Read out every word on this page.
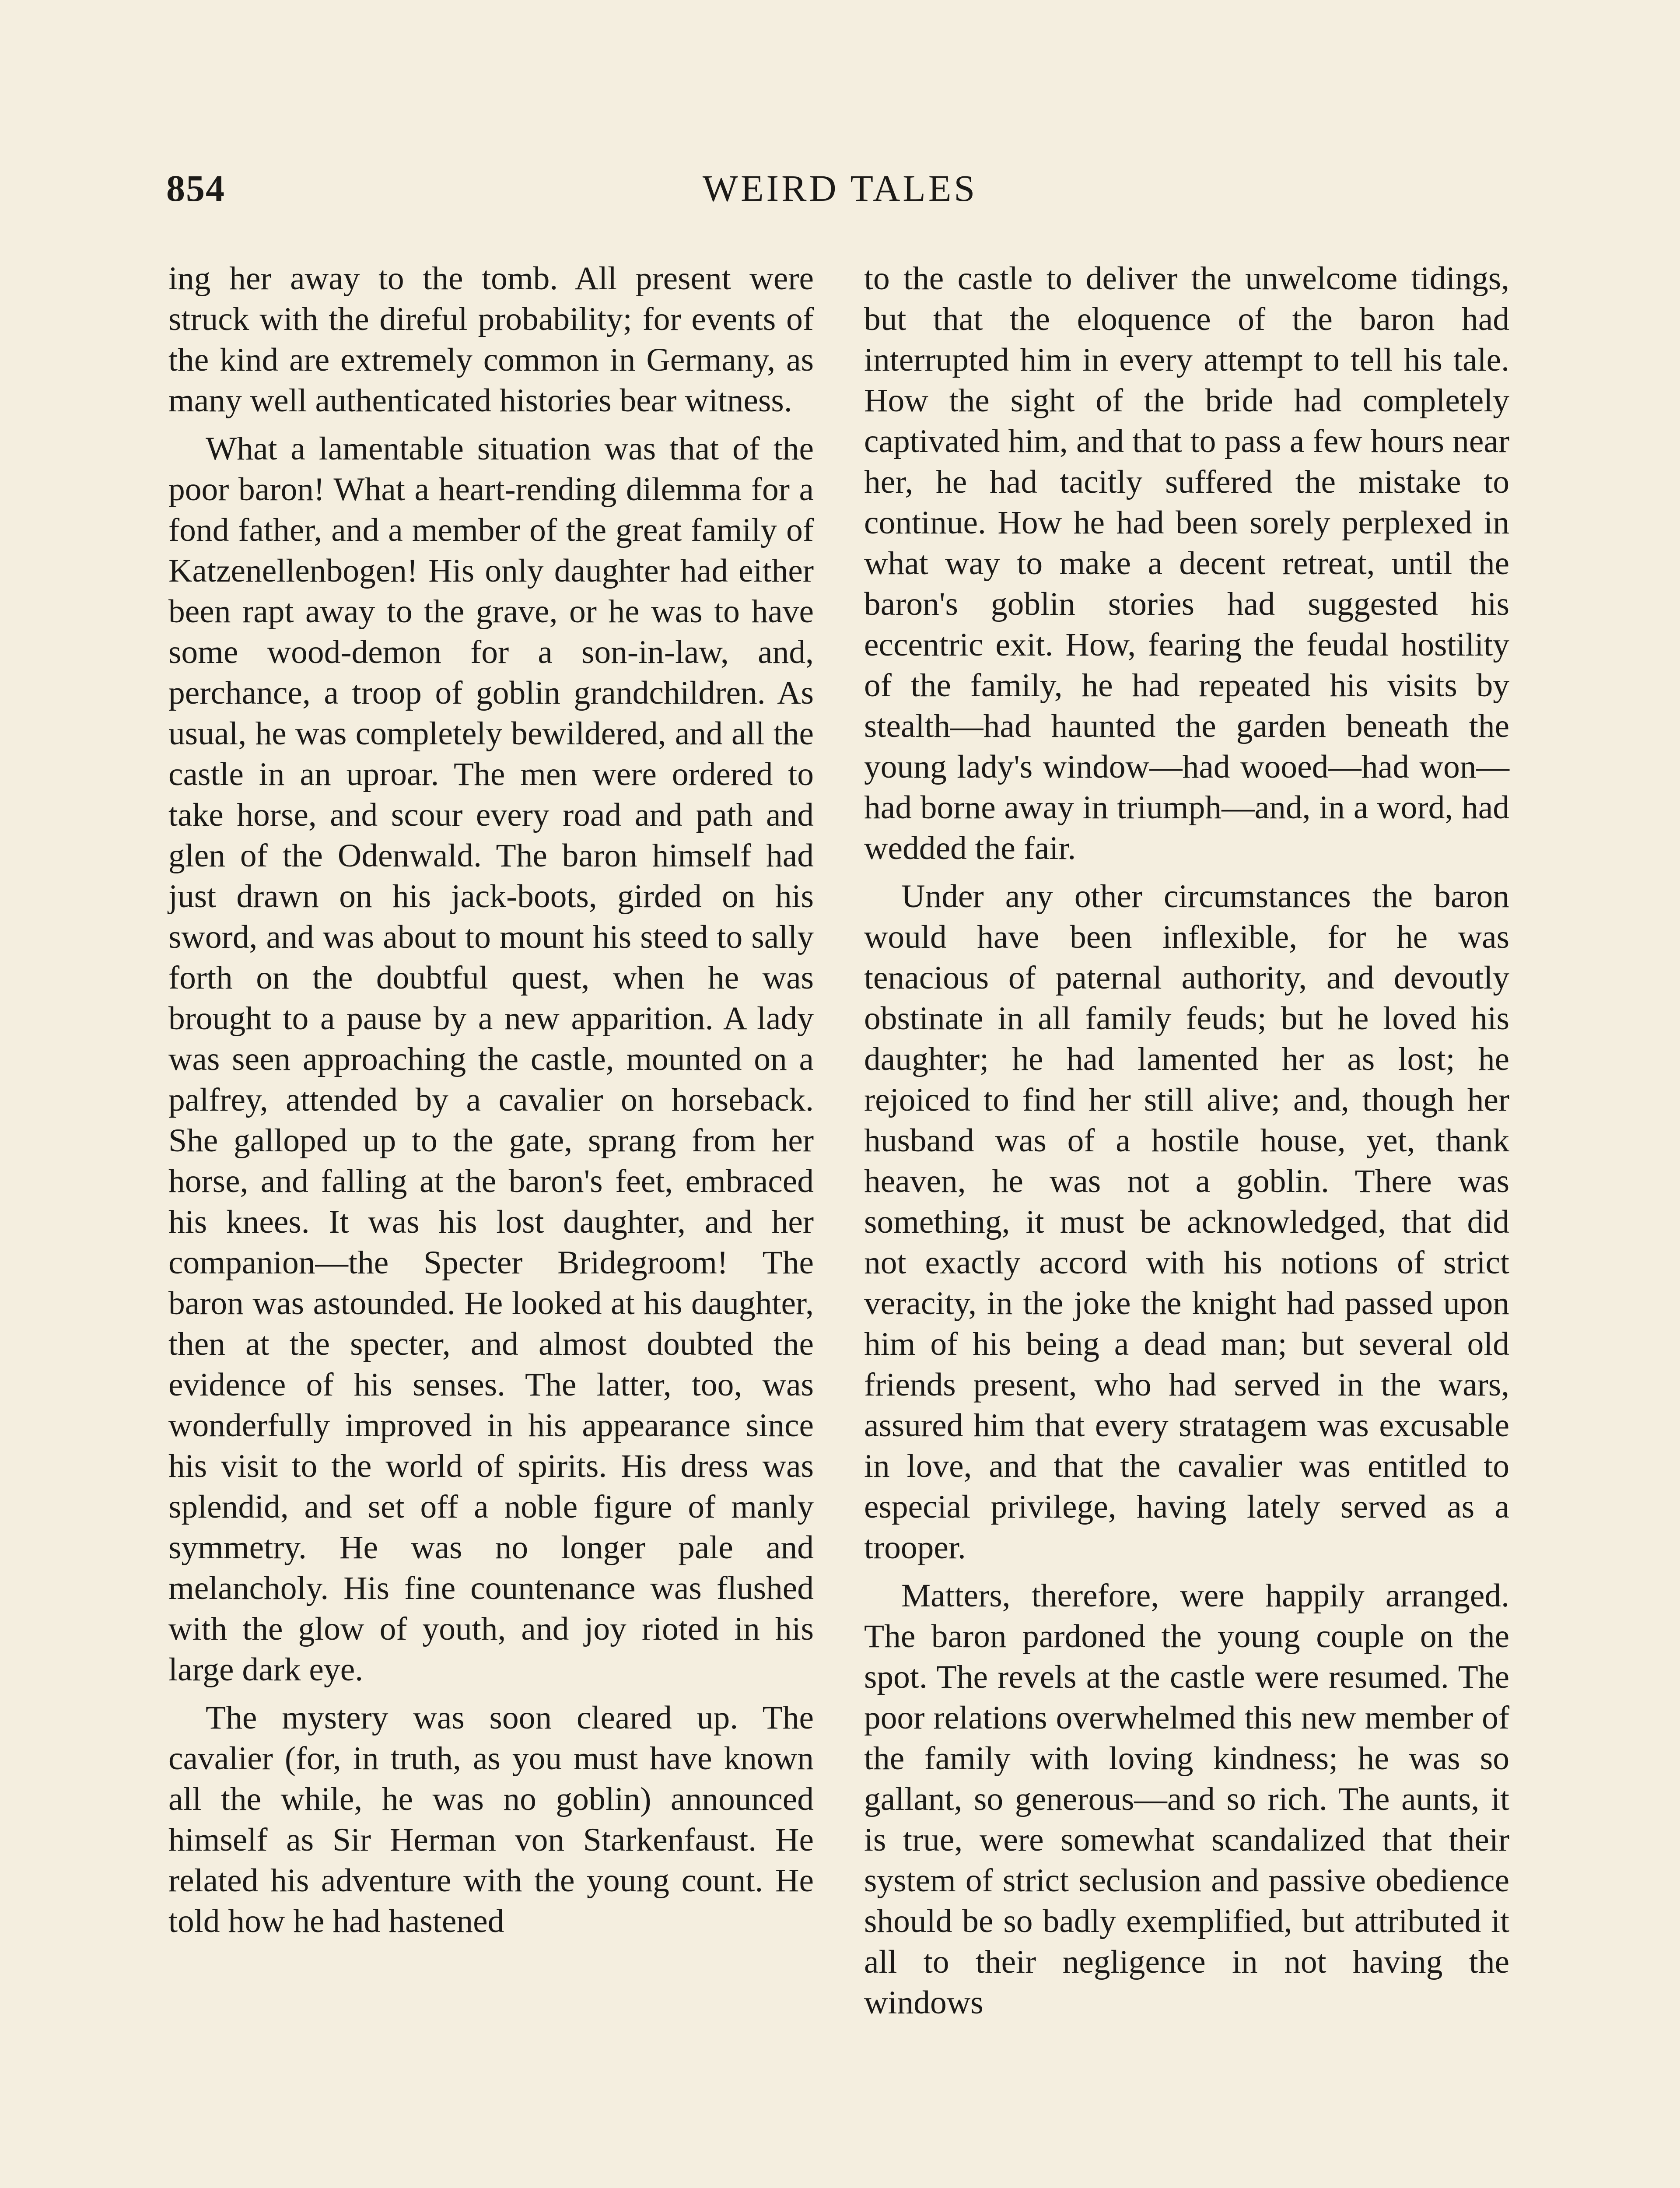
854	WEIRD TALES

ing her away to the tomb. All present were struck with the direful probability; for events of the kind are extremely common in Germany, as many well authenticated histories bear witness.

What a lamentable situation was that of the poor baron! What a heart-rending dilemma for a fond father, and a member of the great family of Katzenellenbogen! His only daughter had either been rapt away to the grave, or he was to have some wood-demon for a son-in-law, and, perchance, a troop of goblin grandchildren. As usual, he was completely bewildered, and all the castle in an uproar. The men were ordered to take horse, and scour every road and path and glen of the Odenwald. The baron himself had just drawn on his jack-boots, girded on his sword, and was about to mount his steed to sally forth on the doubtful quest, when he was brought to a pause by a new apparition. A lady was seen approaching the castle, mounted on a palfrey, attended by a cavalier on horseback. She galloped up to the gate, sprang from her horse, and falling at the baron's feet, embraced his knees. It was his lost daughter, and her companion—the Specter Bridegroom! The baron was astounded. He looked at his daughter, then at the specter, and almost doubted the evidence of his senses. The latter, too, was wonderfully improved in his appearance since his visit to the world of spirits. His dress was splendid, and set off a noble figure of manly symmetry. He was no longer pale and melancholy. His fine countenance was flushed with the glow of youth, and joy rioted in his large dark eye.

The mystery was soon cleared up. The cavalier (for, in truth, as you must have known all the while, he was no goblin) announced himself as Sir Herman von Starkenfaust. He related his adventure with the young count. He told how he had hastened

to the castle to deliver the unwelcome tidings, but that the eloquence of the baron had interrupted him in every attempt to tell his tale. How the sight of the bride had completely captivated him, and that to pass a few hours near her, he had tacitly suffered the mistake to continue. How he had been sorely perplexed in what way to make a decent retreat, until the baron's goblin stories had suggested his eccentric exit. How, fearing the feudal hostility of the family, he had repeated his visits by stealth—had haunted the garden beneath the young lady's window—had wooed—had won—had borne away in triumph—and, in a word, had wedded the fair.

Under any other circumstances the baron would have been inflexible, for he was tenacious of paternal authority, and devoutly obstinate in all family feuds; but he loved his daughter; he had lamented her as lost; he rejoiced to find her still alive; and, though her husband was of a hostile house, yet, thank heaven, he was not a goblin. There was something, it must be acknowledged, that did not exactly accord with his notions of strict veracity, in the joke the knight had passed upon him of his being a dead man; but several old friends present, who had served in the wars, assured him that every stratagem was excusable in love, and that the cavalier was entitled to especial privilege, having lately served as a trooper.

Matters, therefore, were happily arranged. The baron pardoned the young couple on the spot. The revels at the castle were resumed. The poor relations overwhelmed this new member of the family with loving kindness; he was so gallant, so generous—and so rich. The aunts, it is true, were somewhat scandalized that their system of strict seclusion and passive obedience should be so badly exemplified, but attributed it all to their negligence in not having the windows
